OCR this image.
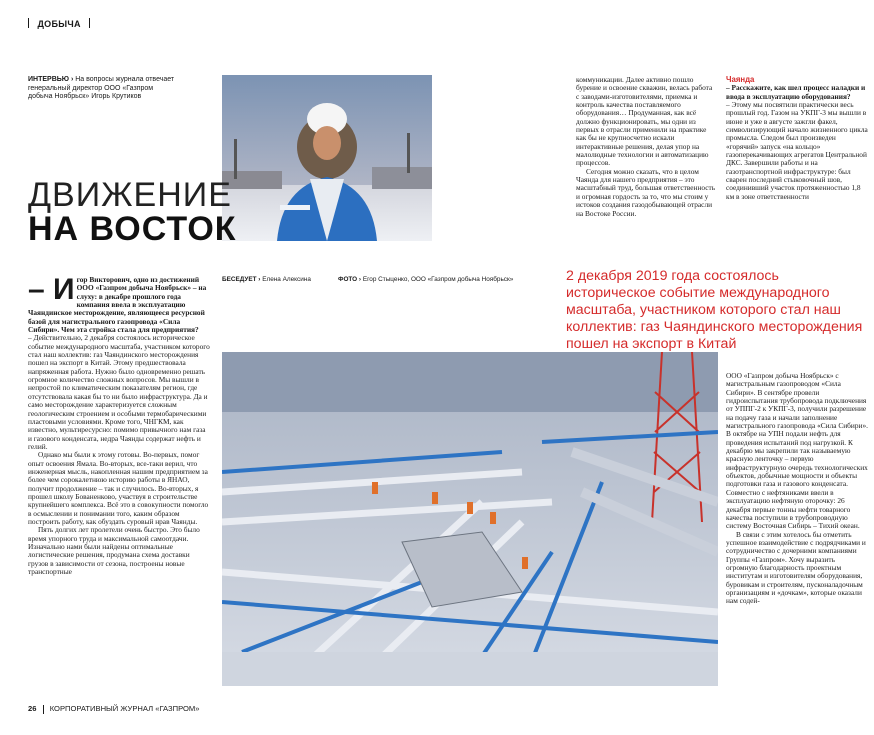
ДОБЫЧА
ИНТЕРВЬЮ › На вопросы журнала отвечает генеральный директор ООО «Газпром добыча Ноябрьск» Игорь Крутиков
ДВИЖЕНИЕ
НА ВОСТОК
– И гор Викторович, одно из достижений ООО «Газпром добыча Ноябрьск» – на слуху: в декабре прошлого года компания ввела в эксплуатацию Чаяндинское месторождение, являющееся ресурсной базой для магистрального газопровода «Сила Сибири». Чем эта стройка стала для предприятия?

– Действительно, 2 декабря состоялось историческое событие международного масштаба, участником которого стал наш коллектив: газ Чаяндинского месторождения пошел на экспорт в Китай. Этому предшествовала напряженная работа. Нужно было одновременно решать огромное количество сложных вопросов. Мы вышли в непростой по климатическим показателям регион, где отсутствовала какая бы то ни было инфраструктура. Да и само месторождение характеризуется сложным геологическим строением и особыми термобарическими пластовыми условиями. Кроме того, ЧНГКМ, как известно, мультиресурсно: помимо привычного нам газа и газового конденсата, недра Чаянды содержат нефть и гелий.

Однако мы были к этому готовы. Во-первых, помог опыт освоения Ямала. Во-вторых, все-таки верил, что инженерная мысль, накопленная нашим предприятием за более чем сорокалетнюю историю работы в ЯНАО, получит продолжение – так и случилось. Во-вторых, я прошел школу Бованенково, участвуя в строительстве крупнейшего комплекса. Всё это в совокупности помогло в осмыслении и понимании того, каким образом построить работу, как обуздать суровый нрав Чаянды.

Пять долгих лет пролетели очень быстро. Это было время упорного труда и максимальной самоотдачи. Изначально нами были найдены оптимальные логистические решения, продумана схема доставки грузов в зависимости от сезона, построены новые транспортные

БЕСЕДУЕТ › Елена Алексина	ФОТО › Егор Стыценко, ООО «Газпром добыча Ноябрьск»

коммуникации. Далее активно пошло бурение и освоение скважин, велась работа с заводами-изготовителями, приемка и контроль качества поставляемого оборудования… Продуманная, как всё должно функционировать, мы одни из первых в отрасли применили на практике как бы не крупносчетно искали интерактивные решения, делая упор на малолюдные технологии и автоматизацию процессов.

Сегодня можно сказать, что в целом Чаянда для нашего предприятия – это масштабный труд, большая ответственность и огромная гордость за то, что мы стоим у истоков создания газодобывающей отрасли на Востоке России.

Чаянда

– Расскажите, как шел процесс наладки и ввода в эксплуатацию оборудования?

– Этому мы посвятили практически весь прошлый год. Газом на УКПГ-3 мы вышли в июне и уже в августе зажгли факел, символизирующий начало жизненного цикла промысла. Следом был произведен «горячий» запуск «на кольцо» газоперекачивающих агрегатов Центральной ДКС. Завершили работы и на газотранспортной инфраструктуре: был сварен последний стыковочный шов, соединивший участок протяженностью 1,8 км в зоне ответственности

2 декабря 2019 года состоялось историческое событие международного масштаба, участником которого стал наш коллектив: газ Чаяндинского месторождения пошел на экспорт в Китай

ООО «Газпром добыча Ноябрьск» с магистральным газопроводом «Сила Сибири». В сентябре провели гидроиспытания трубопровода подключения от УППГ-2 к УКПГ-3, получили разрешение на подачу газа и начали заполнение магистрального газопровода «Сила Сибири». В октябре на УПН подали нефть для проведения испытаний под нагрузкой. К декабрю мы закрепили так называемую красную ленточку – первую инфраструктурную очередь технологических объектов, добычные мощности и объекты подготовки газа и газового конденсата. Совместно с нефтяниками ввели в эксплуатацию нефтяную оторочку: 26 декабря первые тонны нефти товарного качества поступили в трубопроводную систему Восточная Сибирь – Тихий океан.

В связи с этим хотелось бы отметить успешное взаимодействие с подрядчиками и сотрудничество с дочерними компаниями Группы «Газпром». Хочу выразить огромную благодарность проектным институтам и изготовителям оборудования, буровикам и строителям, пусконаладочным организациям и «дочкам», которые оказали нам содей-

26 КОРПОРАТИВНЫЙ ЖУРНАЛ «ГАЗПРОМ»
